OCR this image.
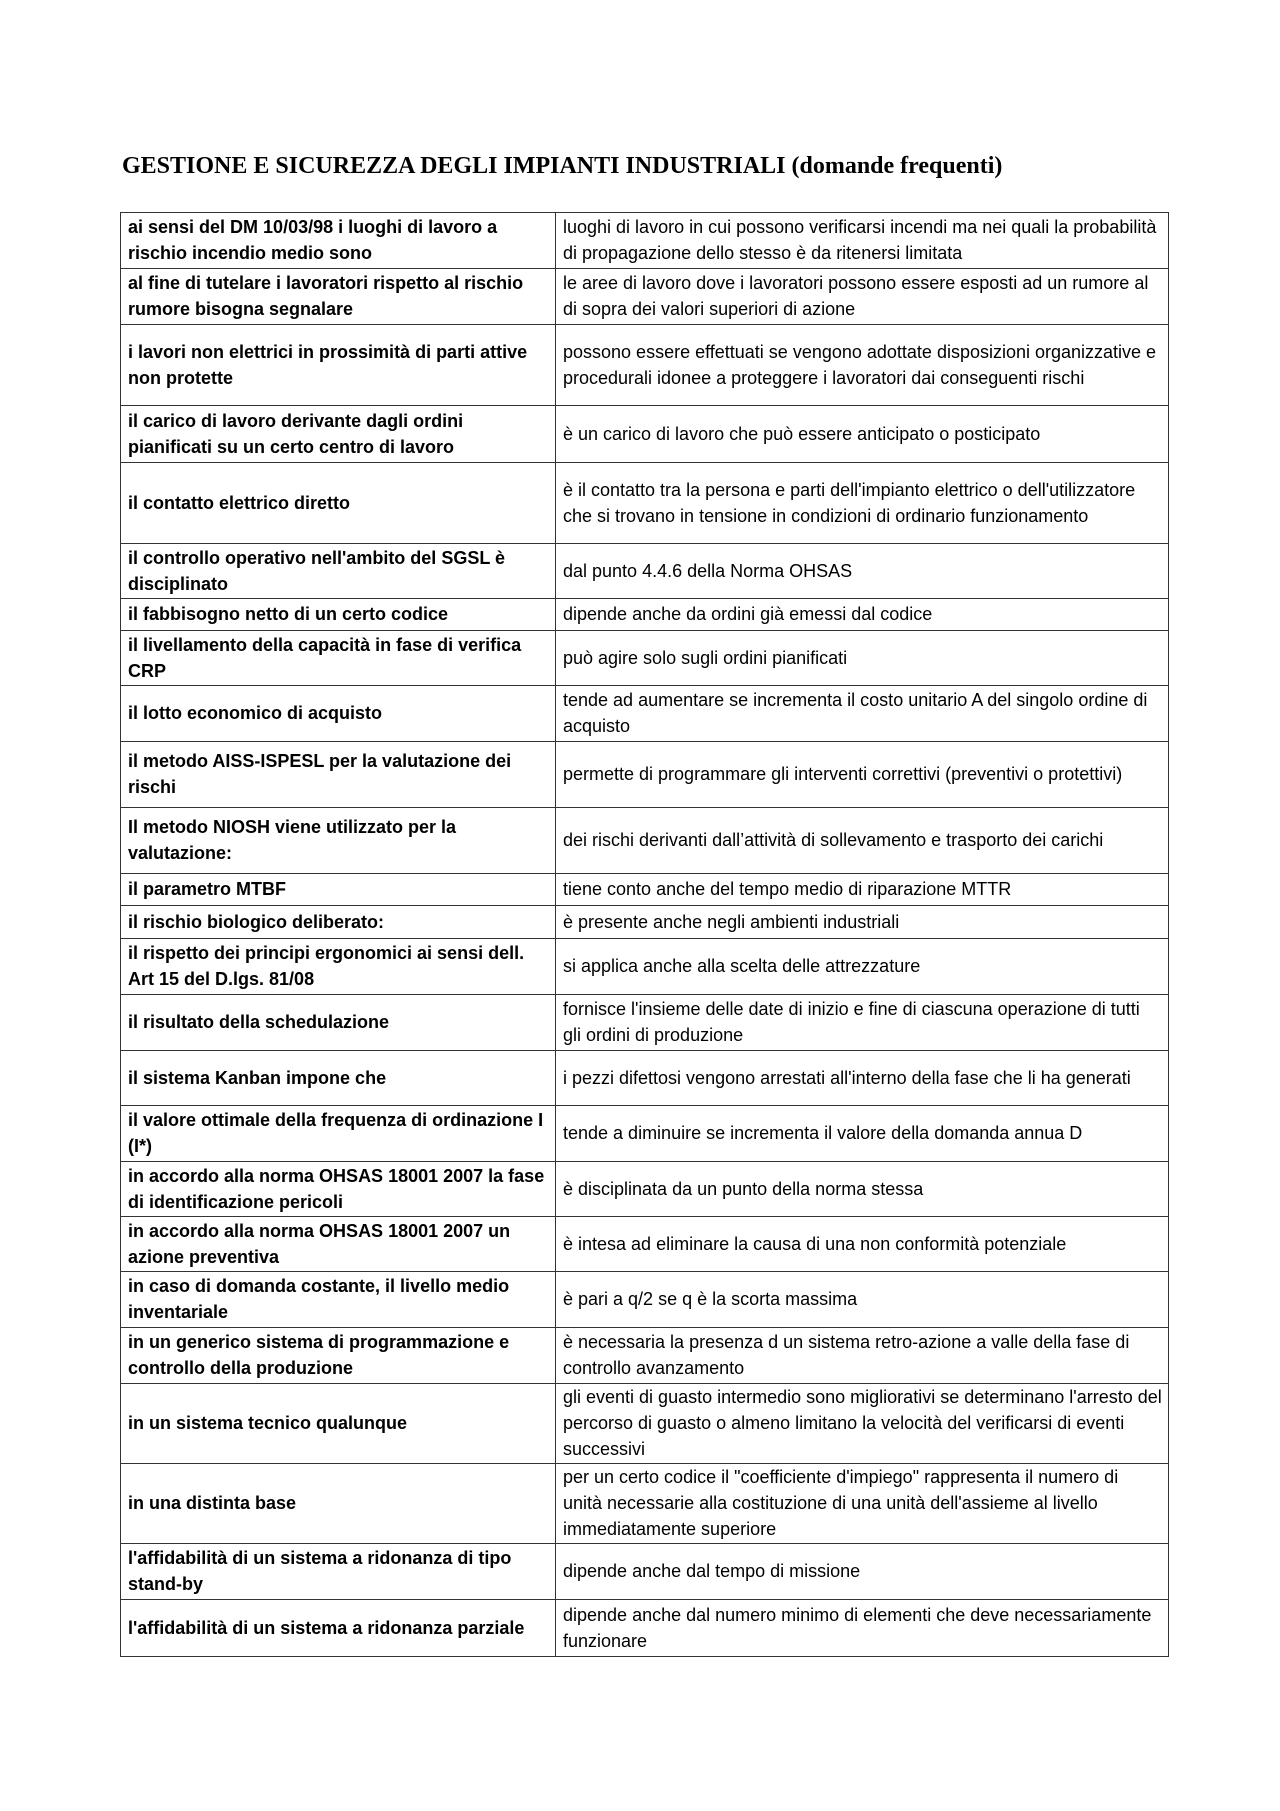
GESTIONE E SICUREZZA DEGLI IMPIANTI INDUSTRIALI (domande frequenti)
ai sensi del DM 10/03/98 i luoghi di lavoro a rischio incendio medio sono	luoghi di lavoro in cui possono verificarsi incendi ma nei quali la probabilità di propagazione dello stesso è da ritenersi limitata
al fine di tutelare i lavoratori rispetto al rischio rumore bisogna segnalare	le aree di lavoro dove i lavoratori possono essere esposti ad un rumore al di sopra dei valori superiori di azione
i lavori non elettrici in prossimità di parti attive non protette	possono essere effettuati se vengono adottate disposizioni organizzative e procedurali idonee a proteggere i lavoratori dai conseguenti rischi
il carico di lavoro derivante dagli ordini pianificati su un certo centro di lavoro	è un carico di lavoro che può essere anticipato o posticipato
il contatto elettrico diretto	è il contatto tra la persona e parti dell'impianto elettrico o dell'utilizzatore che si trovano in tensione in condizioni di ordinario funzionamento
il controllo operativo nell'ambito del SGSL è disciplinato	dal punto 4.4.6 della Norma OHSAS
il fabbisogno netto di un certo codice	dipende anche da ordini già emessi dal codice
il livellamento della capacità in fase di verifica CRP	può agire solo sugli ordini pianificati
il lotto economico di acquisto	tende ad aumentare se incrementa il costo unitario A del singolo ordine di acquisto
il metodo AISS-ISPESL per la valutazione dei rischi	permette di programmare gli interventi correttivi (preventivi o protettivi)
Il metodo NIOSH viene utilizzato per la valutazione:	dei rischi derivanti dall’attività di sollevamento e trasporto dei carichi
il parametro MTBF	tiene conto anche del tempo medio di riparazione MTTR
il rischio biologico deliberato:	è presente anche negli ambienti industriali
il rispetto dei principi ergonomici ai sensi dell. Art 15 del D.lgs. 81/08	si applica anche alla scelta delle attrezzature
il risultato della schedulazione	fornisce l'insieme delle date di inizio e fine di ciascuna operazione di tutti gli ordini di produzione
il sistema Kanban impone che	i pezzi difettosi vengono arrestati all'interno della fase che li ha generati
il valore ottimale della frequenza di ordinazione I (I*)	tende a diminuire se incrementa il valore della domanda annua D
in accordo alla norma OHSAS 18001 2007 la fase di identificazione pericoli	è disciplinata da un punto della norma stessa
in accordo alla norma OHSAS 18001 2007 un azione preventiva	è intesa ad eliminare la causa di una non conformità potenziale
in caso di domanda costante, il livello medio inventariale	è pari a q/2 se q è la scorta massima
in un generico sistema di programmazione e controllo della produzione	è necessaria la presenza d un sistema retro-azione a valle della fase di controllo avanzamento
in un sistema tecnico qualunque	gli eventi di guasto intermedio sono migliorativi se determinano l'arresto del percorso di guasto o almeno limitano la velocità del verificarsi di eventi successivi
in una distinta base	per un certo codice il "coefficiente d'impiego" rappresenta il numero di unità necessarie alla costituzione di una unità dell'assieme al livello immediatamente superiore
l'affidabilità di un sistema a ridonanza di tipo stand-by	dipende anche dal tempo di missione
l'affidabilità di un sistema a ridonanza parziale	dipende anche dal numero minimo di elementi che deve necessariamente funzionare
